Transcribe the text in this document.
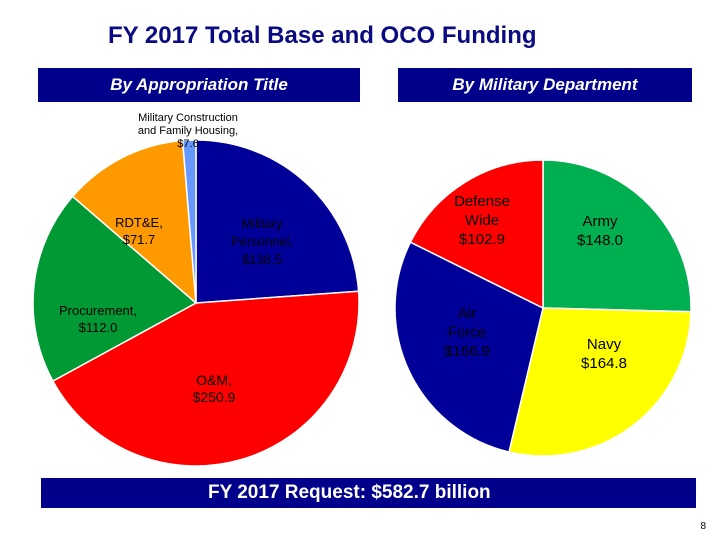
FY 2017 Total Base and OCO Funding
By Appropriation Title	By Military Department
Military Personnel, $138.5
O&M, $250.9
Procurement, $112.0
RDT&E, $71.7
Military Construction and Family Housing, $7.6
Army $148.0
Navy $164.8
Air Force $166.9
Defense Wide $102.9
FY 2017 Request: $582.7 billion
8
